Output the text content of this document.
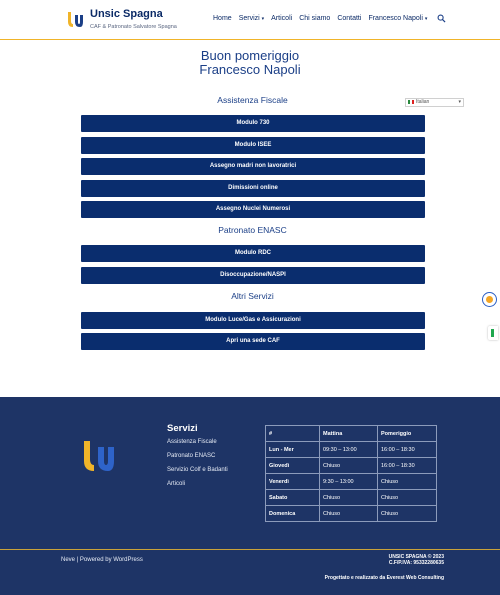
Unsic Spagna
CAF & Patronato Salvatore Spagna
Home Servizi ▾ Articoli Chi siamo Contatti Francesco Napoli ▾
Buon pomeriggio
Francesco Napoli
Italian	▾
Assistenza Fiscale
Modulo 730
Modulo ISEE
Assegno madri non lavoratrici
Dimissioni online
Assegno Nuclei Numerosi
Patronato ENASC
Modulo RDC
Disoccupazione/NASPI
Altri Servizi
Modulo Luce/Gas e Assicurazioni
Apri una sede CAF
Servizi
Assistenza Fiscale
Patronato ENASC
Servizio Colf e Badanti
Articoli
#	Mattina	Pomeriggio
Lun - Mer	09:30 – 13:00	16:00 – 18:30
Giovedì	Chiuso	16:00 – 18:30
Venerdì	9:30 – 13:00	Chiuso
Sabato	Chiuso	Chiuso
Domenica	Chiuso	Chiuso
Neve | Powered by WordPress	UNSIC SPAGNA © 2023
C.F/P.IVA: 95332280635
Progettato e realizzato da Everest Web Consulting
